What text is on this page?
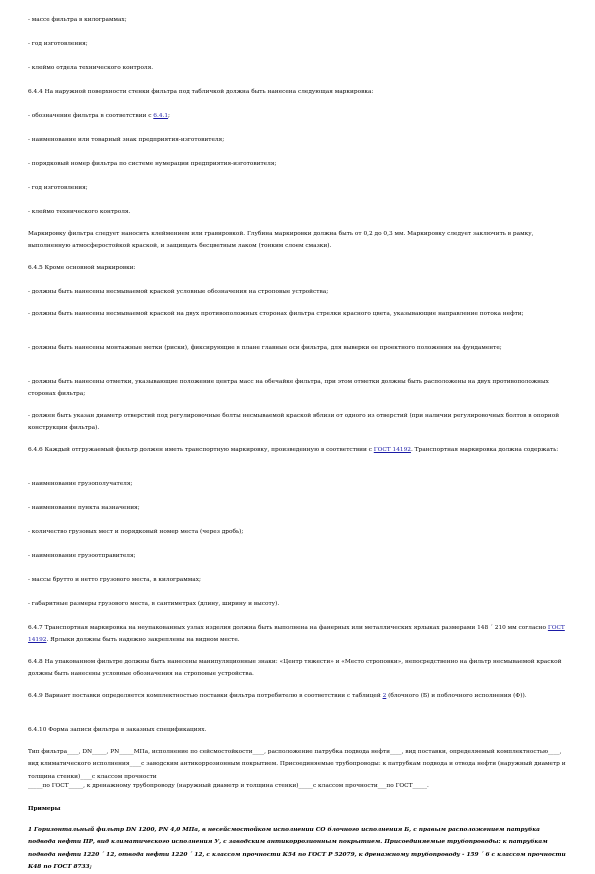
- массе фильтра в килограммах;

- год изготовления;

- клеймо отдела технического контроля.

6.4.4 На наружной поверхности стенки фильтра под табличкой должна быть нанесена следующая маркировка:

- обозначение фильтра в соответствии с 6.4.1;

- наименование или товарный знак предприятия-изготовителя;

- порядковый номер фильтра по системе нумерации предприятия-изготовителя;

- год изготовления;

- клеймо технического контроля.

Маркировку фильтра следует наносить клеймением или гравировкой. Глубина маркировки должна быть от 0,2 до 0,3 мм. Маркировку следует заключить в рамку, выполненную атмосферостойкой краской, и защищать бесцветным лаком (тонким слоем смазки).

6.4.5 Кроме основной маркировки:

- должны быть нанесены несмываемой краской условные обозначения на строповые устройства;

- должны быть нанесены несмываемой краской на двух противоположных сторонах фильтра стрелки красного цвета, указывающие направление потока нефти;

- должны быть нанесены монтажные метки (риски), фиксирующие в плане главные оси фильтра, для выверки ее проектного положения на фундаменте;

- должны быть нанесены отметки, указывающие положение центра масс на обечайке фильтра, при этом отметки должны быть расположены на двух противоположных сторонах фильтра;

- должен быть указан диаметр отверстий под регулировочные болты несмываемой краской вблизи от одного из отверстий (при наличии регулировочных болтов в опорной конструкции фильтра).

6.4.6 Каждый отгружаемый фильтр должен иметь транспортную маркировку, произведенную в соответствии с ГОСТ 14192. Транспортная маркировка должна содержать:

- наименование грузополучателя;

- наименование пункта назначения;

- количество грузовых мест и порядковый номер места (через дробь);

- наименование грузоотправителя;

- массы брутто и нетто грузового места, в килограммах;

- габаритные размеры грузового места, в сантиметрах (длину, ширину и высоту).

6.4.7 Транспортная маркировка на неупакованных узлах изделия должна быть выполнена на фанерных или металлических ярлыках размерами 148 ´ 210 мм согласно ГОСТ 14192. Ярлыки должны быть надежно закреплены на видном месте.

6.4.8 На упакованном фильтре должны быть нанесены манипуляционные знаки: «Центр тяжести» и «Место строповки», непосредственно на фильтр несмываемой краской должны быть нанесены условные обозначения на строповые устройства.

6.4.9 Вариант поставки определяется комплектностью поставки фильтра потребителю в соответствии с таблицей 2 (блочного (Б) и поблочного исполнения (Ф)).

6.4.10 Форма записи фильтра в заказных спецификациях.

Тип фильтра____, DN_____, PN_____МПа, исполнение по сейсмостойкости____, расположение патрубка подвода нефти____, вид поставки, определяемый комплектностью____, вид климатического исполнения____с заводским антикоррозионным покрытием. Присоединяемые трубопроводы: к патрубкам подвода и отвода нефти (наружный диаметр и толщина стенки)____с классом прочности

_____по ГОСТ_____, к дренажному трубопроводу (наружный диаметр и толщина стенки)_____с классом прочности___по ГОСТ_____.

Примеры

1 Горизонтальный фильтр DN 1200, PN 4,0 МПа, в несейсмостойком исполнении СО блочного исполнения Б, с правым расположением патрубка подвода нефти ПР, вид климатического исполнения У, с заводским антикоррозионным покрытием. Присоединяемые трубопроводы: к патрубкам подвода нефти 1220 ´ 12, отвода нефти 1220 ´ 12, с классом прочности К54 по ГОСТ Р 52079, к дренажному трубопроводу - 159 ´ 6 с классом прочности К48 по ГОСТ 8733;
